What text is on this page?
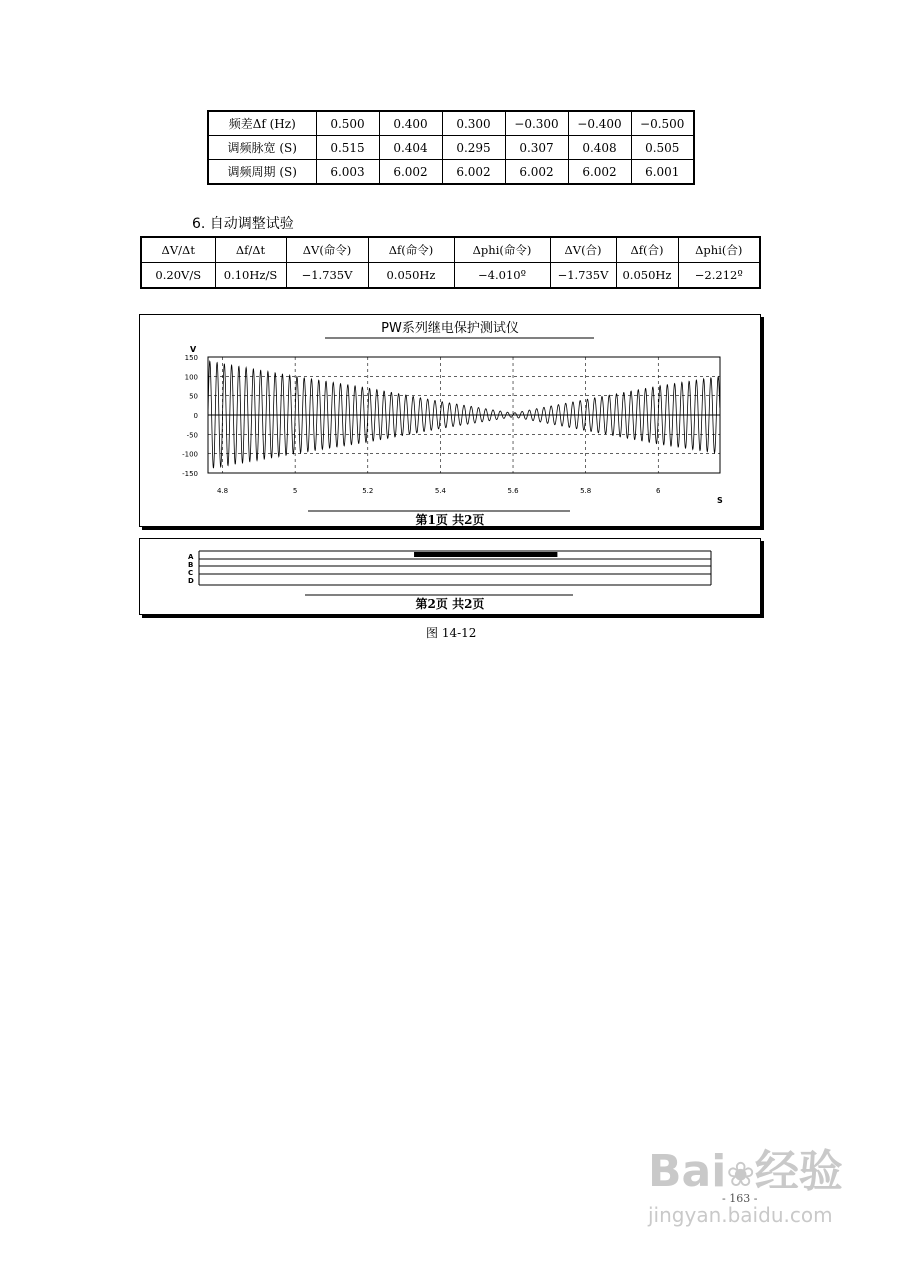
频差Δf (Hz)	0.500	0.400	0.300	−0.300	−0.400	−0.500
调频脉宽 (S)	0.515	0.404	0.295	0.307	0.408	0.505
调频周期 (S)	6.003	6.002	6.002	6.002	6.002	6.001
6. 自动调整试验
ΔV/Δt	Δf/Δt	ΔV(命令)	Δf(命令)	Δphi(命令)	ΔV(合)	Δf(合)	Δphi(合)
0.20V/S	0.10Hz/S	−1.735V	0.050Hz	−4.010º	−1.735V	0.050Hz	−2.212º
PW系列继电保护测试仪
V
S
150
100
50
0
-50
-100
-150
4.8	5	5.2	5.4	5.6	5.8	6
第1页 共2页
A
B
C
D
第2页 共2页
图 14-12
Bai❀经验
jingyan.baidu.com
- 163 -
